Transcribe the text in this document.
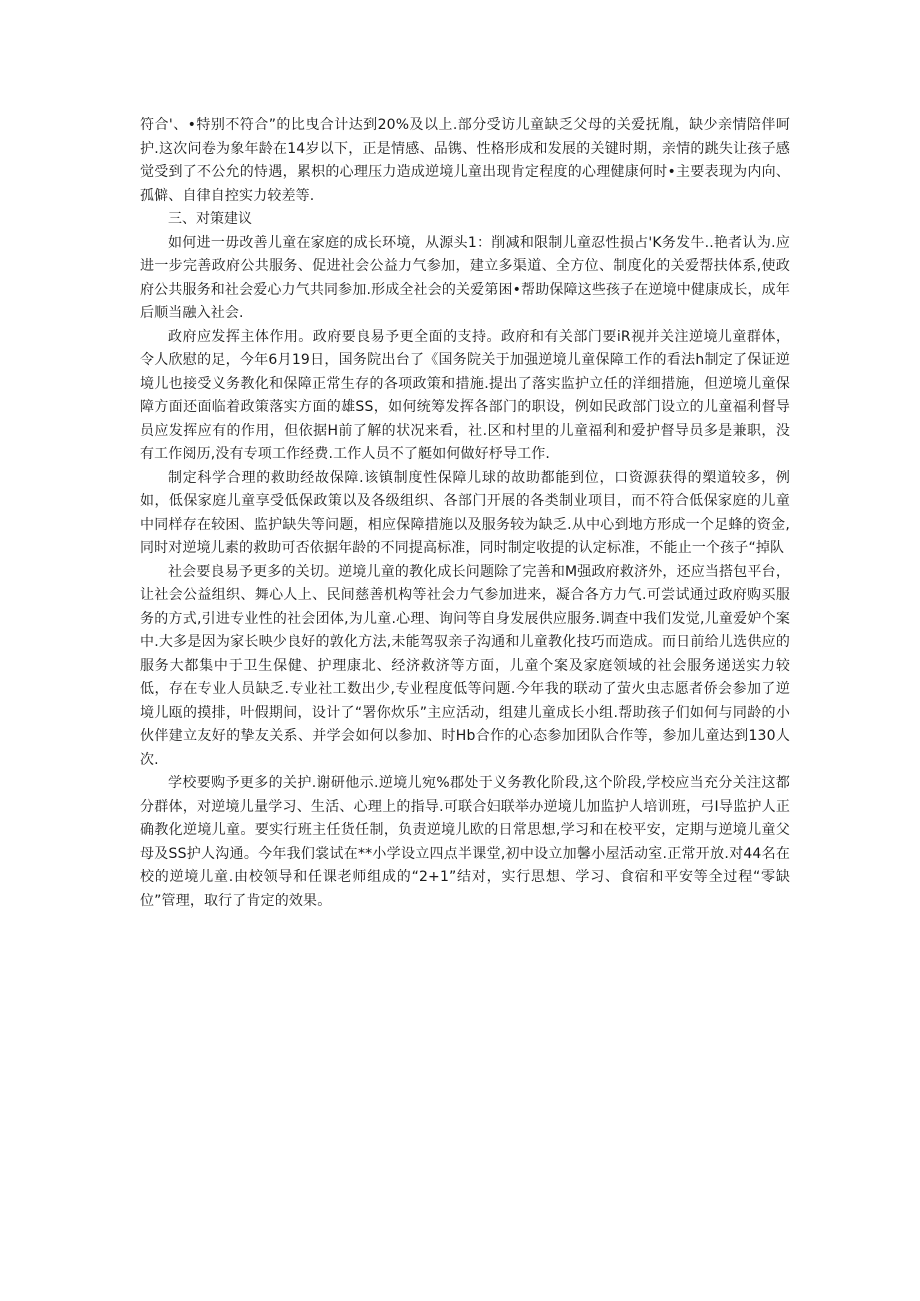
符合'、•特别不符合”的比曳合计达到20%及以上.部分受访儿童缺乏父母的关爱抚胤，缺少亲情陪伴呵护.这次问卷为象年龄在14岁以下，正是情感、品镌、性格形成和发展的关键时期，亲情的跳失让孩子感觉受到了不公允的恃遇，累枳的心理压力造成逆境儿童出现肯定程度的心理健康何时•主要表现为内向、孤僻、自律自控实力较差等.

三、对策建议

如何进一毋改善儿童在家庭的成长环境，从源头1：削减和限制儿童忍性损占'K务发牛..艳者认为.应进一步完善政府公共服务、促进社会公益力气参加，建立多渠道、全方位、制度化的关爱帮扶体系,使政府公共服务和社会爱心力气共同参加.形成全社会的关爱第困•帮助保障这些孩子在逆境中健康成长，成年后顺当融入社会.

政府应发挥主体作用。政府要良易予更全面的支持。政府和有关部门要iR视并关注逆境儿童群体，令人欣慰的足，今年6月19日，国务院出台了《国务院关于加强逆境儿童保障工作的看法h制定了保证逆境儿也接受义务教化和保障正常生存的各项政策和措施.提出了落实监护立任的洋细措施，但逆境儿童保障方面还面临着政策落实方面的雄SS，如何统筹发挥各部门的职设，例如民政部门设立的儿童福利督导员应发挥应有的作用，但依据H前了解的状况来看，社.区和村里的儿童福利和爱护督导员多是兼职，没有工作阅历,没有专项工作经费.工作人员不了艇如何做好杼导工作.

制定科学合理的救助经故保障.该镇制度性保障儿球的故助都能到位，口资源获得的槊道较多，例如，低保家庭儿童享受低保政策以及各级组织、各部门开展的各类制业项目，而不符合低保家庭的儿童中同样存在较困、监护缺失等问题，相应保障措施以及服务较为缺乏.从中心到地方形成一个足蜂的资金,同时对逆境儿素的救助可否依据年龄的不同提高标准，同时制定收提的认定标准，不能止一个孩子“掉队

社会要良易予更多的关切。逆境儿童的教化成长问题除了完善和M强政府救济外，还应当搭包平台，让社会公益组织、舞心人上、民间慈善机构等社会力气参加进来，凝合各方力气.可尝试通过政府购买服务的方式,引进专业性的社会团体,为儿童.心理、询问等自身发展供应服务.调查中我们发觉,儿童爱妒个案中.大多是因为家长映少良好的敦化方法,未能驾驭亲子沟通和儿童教化技巧而造成。而日前给儿选供应的服务大都集中于卫生保健、护理康北、经济救济等方面，儿童个案及家庭领域的社会服务递送实力较低，存在专业人员缺乏.专业社工数出少,专业程度低等问题.今年我的联动了萤火虫志愿者侨会参加了逆境儿瓯的摸排，叶假期间，设计了“署你炊乐”主应活动，组建儿童成长小组.帮助孩子们如何与同龄的小伙伴建立友好的挚友关系、并学会如何以参加、时Hb合作的心态参加团队合作等，参加儿童达到130人次.

学校要购予更多的关护.谢研他示.逆境儿宛%郡处于义务教化阶段,这个阶段,学校应当充分关注这都分群体，对逆境儿量学习、生活、心理上的指导.可联合妇联举办逆境儿加监护人培训班，弓I导监护人正确教化逆境儿童。要实行班主任货任制，负责逆境儿欧的日常思想,学习和在校平安，定期与逆境儿童父母及SS护人沟通。今年我们裳试在**小学设立四点半课堂,初中设立加馨小屋活动室.正常开放.对44名在校的逆境儿童.由校领导和任课老师组成的“2+1”结对，实行思想、学习、食宿和平安等全过程“零缺位”管理，取行了肯定的效果。
